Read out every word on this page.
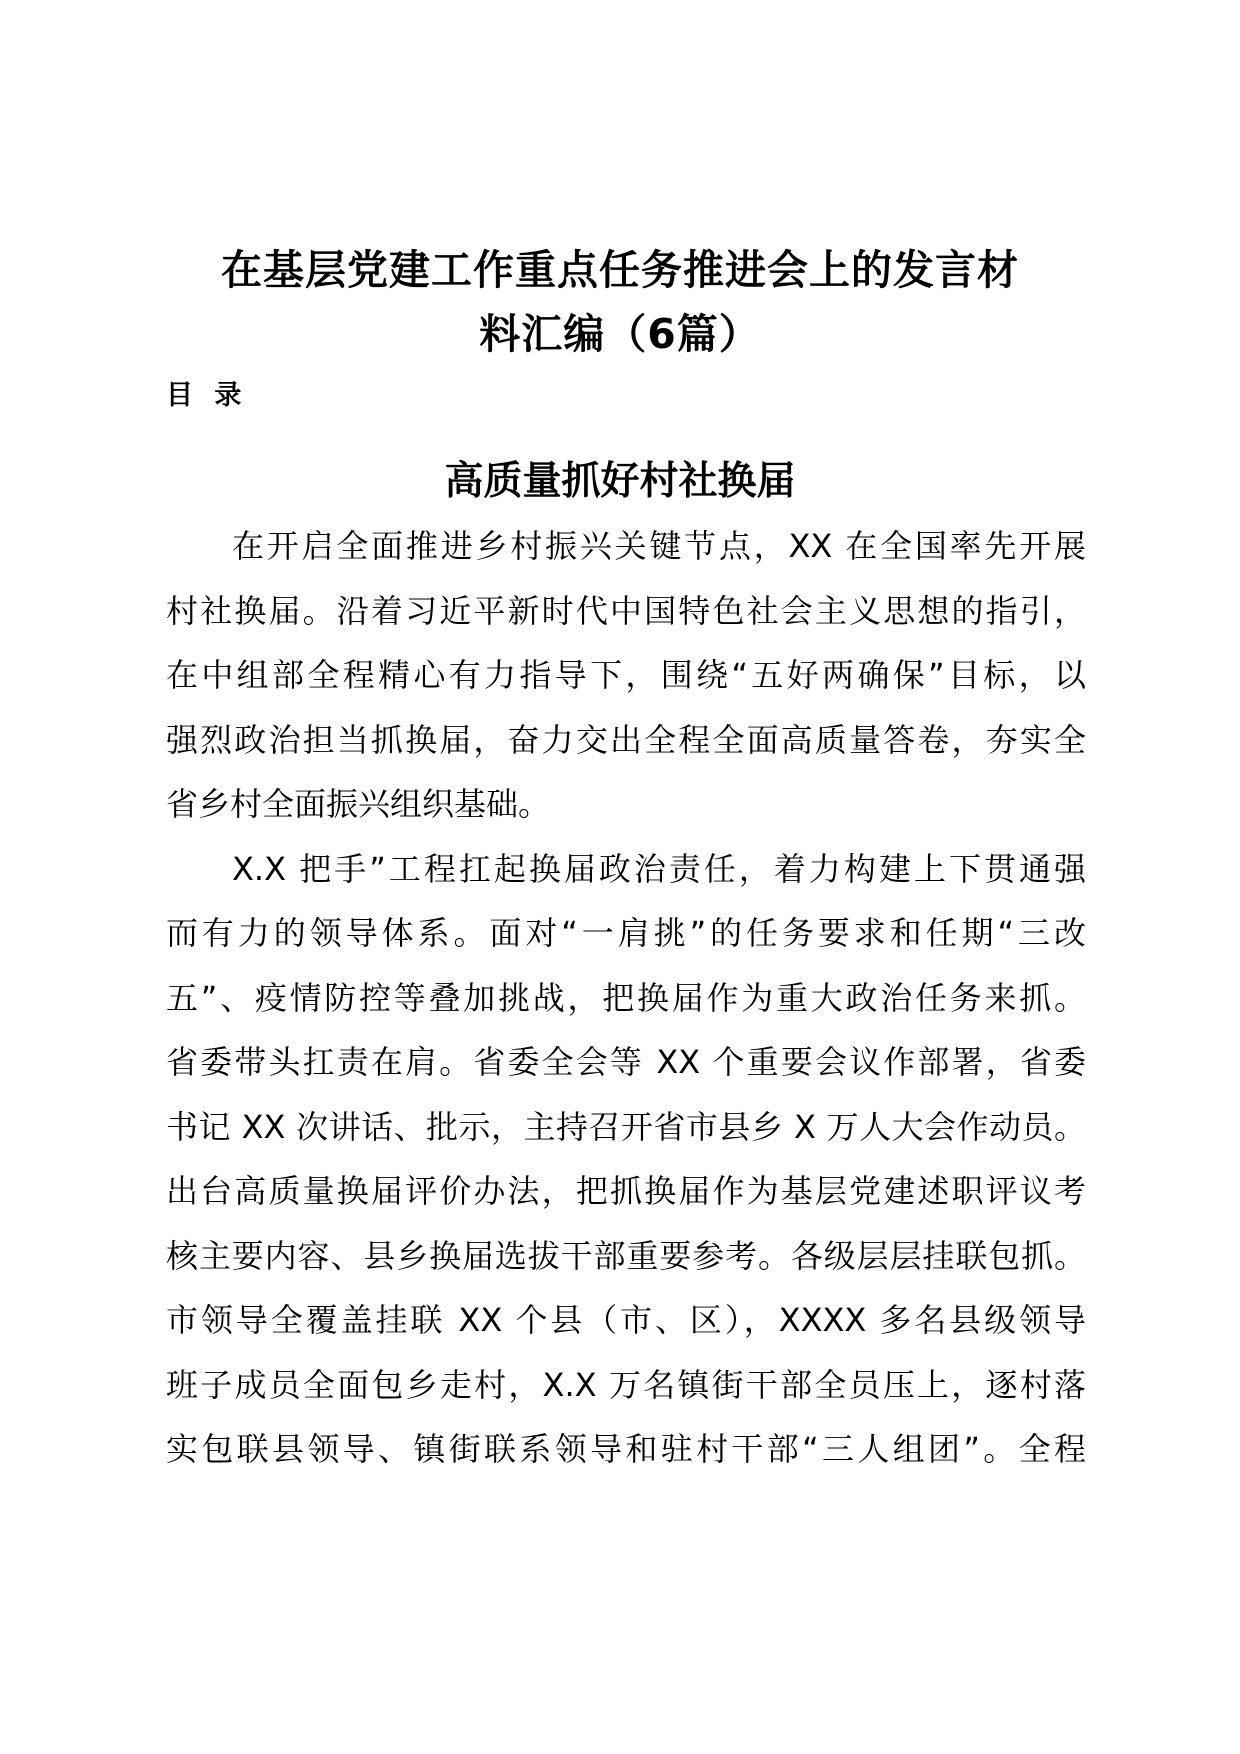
在基层党建工作重点任务推进会上的发言材
料汇编（6篇）
目 录
高质量抓好村社换届

在开启全面推进乡村振兴关键节点，XX 在全国率先开展
村社换届。沿着习近平新时代中国特色社会主义思想的指引，
在中组部全程精心有力指导下，围绕“五好两确保”目标，以
强烈政治担当抓换届，奋力交出全程全面高质量答卷，夯实全
省乡村全面振兴组织基础。

X.X 把手”工程扛起换届政治责任，着力构建上下贯通强
而有力的领导体系。面对“一肩挑”的任务要求和任期“三改
五”、疫情防控等叠加挑战，把换届作为重大政治任务来抓。
省委带头扛责在肩。省委全会等 XX 个重要会议作部署，省委
书记 XX 次讲话、批示，主持召开省市县乡 X 万人大会作动员。
出台高质量换届评价办法，把抓换届作为基层党建述职评议考
核主要内容、县乡换届选拔干部重要参考。各级层层挂联包抓。
市领导全覆盖挂联 XX 个县（市、区），XXXX 多名县级领导
班子成员全面包乡走村，X.X 万名镇街干部全员压上，逐村落
实包联县领导、镇街联系领导和驻村干部“三人组团”。全程
